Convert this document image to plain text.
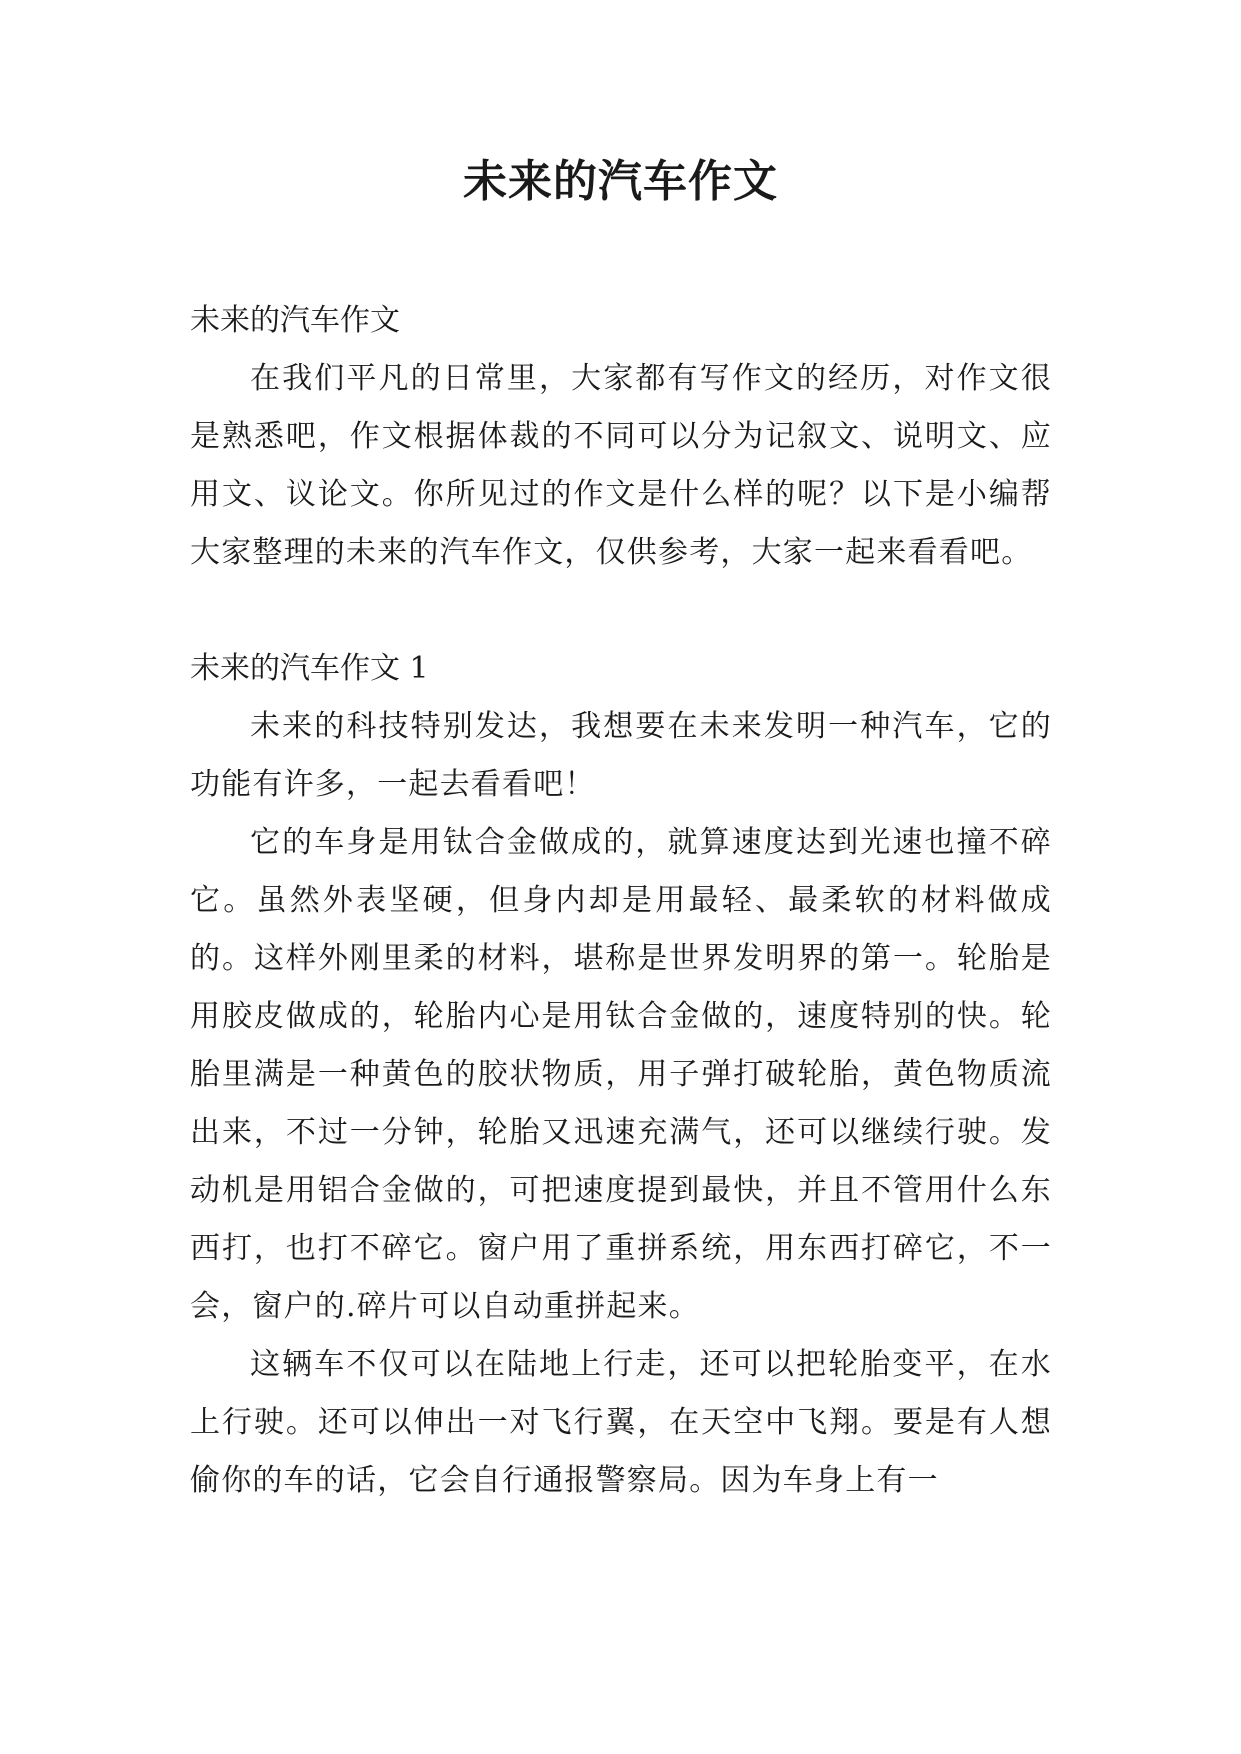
未来的汽车作文

未来的汽车作文

在我们平凡的日常里，大家都有写作文的经历，对作文很是熟悉吧，作文根据体裁的不同可以分为记叙文、说明文、应用文、议论文。你所见过的作文是什么样的呢？以下是小编帮大家整理的未来的汽车作文，仅供参考，大家一起来看看吧。

未来的汽车作文 1

未来的科技特别发达，我想要在未来发明一种汽车，它的功能有许多，一起去看看吧！

它的车身是用钛合金做成的，就算速度达到光速也撞不碎它。虽然外表坚硬，但身内却是用最轻、最柔软的材料做成的。这样外刚里柔的材料，堪称是世界发明界的第一。轮胎是用胶皮做成的，轮胎内心是用钛合金做的，速度特别的快。轮胎里满是一种黄色的胶状物质，用子弹打破轮胎，黄色物质流出来，不过一分钟，轮胎又迅速充满气，还可以继续行驶。发动机是用铝合金做的，可把速度提到最快，并且不管用什么东西打，也打不碎它。窗户用了重拼系统，用东西打碎它，不一会，窗户的.碎片可以自动重拼起来。

这辆车不仅可以在陆地上行走，还可以把轮胎变平，在水上行驶。还可以伸出一对飞行翼，在天空中飞翔。要是有人想偷你的车的话，它会自行通报警察局。因为车身上有一
